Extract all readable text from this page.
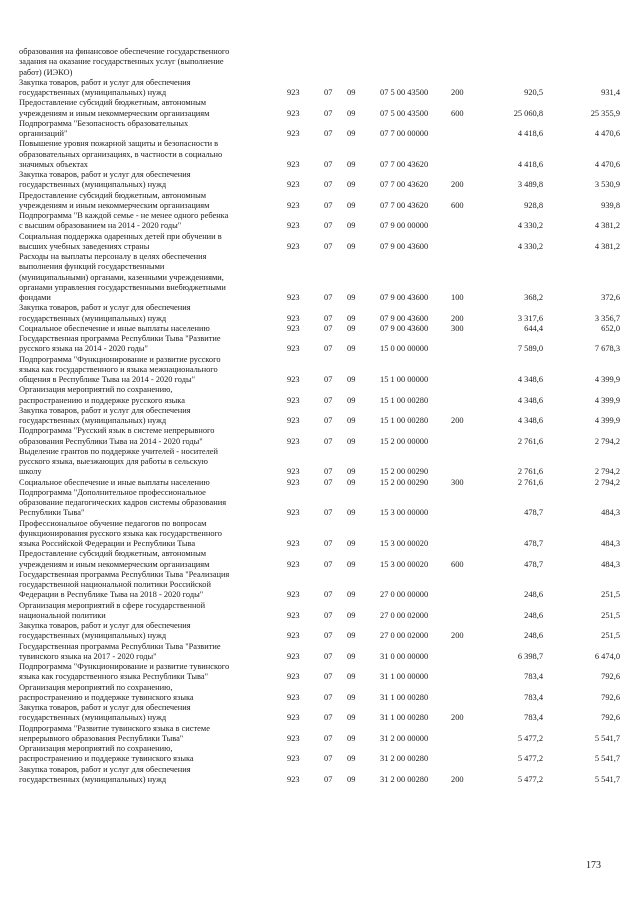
образования на финансовое обеспечение государственного
задания на оказание государственных услуг (выполнение
работ) (ИЭКО)
Закупка товаров, работ и услуг для обеспечения
государственных (муниципальных) нужд	923	07 09	07 5 00 43500	200	920,5	931,4
Предоставление субсидий бюджетным, автономным
учреждениям и иным некоммерческим организациям	923	07 09	07 5 00 43500	600	25 060,8	25 355,9
Подпрограмма "Безопасность образовательных
организаций"	923	07 09	07 7 00 00000	4 418,6	4 470,6
Повышение уровня пожарной защиты и безопасности в
образовательных организациях, в частности в социально
значимых объектах	923	07 09	07 7 00 43620	4 418,6	4 470,6
Закупка товаров, работ и услуг для обеспечения
государственных (муниципальных) нужд	923	07 09	07 7 00 43620	200	3 489,8	3 530,9
Предоставление субсидий бюджетным, автономным
учреждениям и иным некоммерческим организациям	923	07 09	07 7 00 43620	600	928,8	939,8
Подпрограмма "В каждой семье - не менее одного ребенка
с высшим образованием на 2014 - 2020 годы"	923	07 09	07 9 00 00000	4 330,2	4 381,2
Социальная поддержка одаренных детей при обучении в
высших учебных заведениях страны	923	07 09	07 9 00 43600	4 330,2	4 381,2
Расходы на выплаты персоналу в целях обеспечения
выполнения функций государственными
(муниципальными) органами, казенными учреждениями,
органами управления государственными внебюджетными
фондами	923	07 09	07 9 00 43600	100	368,2	372,6
Закупка товаров, работ и услуг для обеспечения
государственных (муниципальных) нужд	923	07 09	07 9 00 43600	200	3 317,6	3 356,7
Социальное обеспечение и иные выплаты населению	923	07 09	07 9 00 43600	300	644,4	652,0
Государственная программа Республики Тыва "Развитие
русского языка на 2014 - 2020 годы"	923	07 09	15 0 00 00000	7 589,0	7 678,3
Подпрограмма "Функционирование и развитие русского
языка как государственного и языка межнационального
общения в Республике Тыва на 2014 - 2020 годы"	923	07 09	15 1 00 00000	4 348,6	4 399,9
Организация мероприятий по сохранению,
распространению и поддержке русского языка	923	07 09	15 1 00 00280	4 348,6	4 399,9
Закупка товаров, работ и услуг для обеспечения
государственных (муниципальных) нужд	923	07 09	15 1 00 00280	200	4 348,6	4 399,9
Подпрограмма "Русский язык в системе непрерывного
образования Республики Тыва на 2014 - 2020 годы"	923	07 09	15 2 00 00000	2 761,6	2 794,2
Выделение грантов по поддержке учителей - носителей
русского языка, выезжающих для работы в сельскую
школу	923	07 09	15 2 00 00290	2 761,6	2 794,2
Социальное обеспечение и иные выплаты населению	923	07 09	15 2 00 00290	300	2 761,6	2 794,2
Подпрограмма "Дополнительное профессиональное
образование педагогических кадров системы образования
Республики Тыва"	923	07 09	15 3 00 00000	478,7	484,3
Профессиональное обучение педагогов по вопросам
функционирования русского языка как государственного
языка Российской Федерации и Республики Тыва	923	07 09	15 3 00 00020	478,7	484,3
Предоставление субсидий бюджетным, автономным
учреждениям и иным некоммерческим организациям	923	07 09	15 3 00 00020	600	478,7	484,3
Государственная программа Республики Тыва "Реализация
государственной национальной политики Российской
Федерации в Республике Тыва на 2018 - 2020 годы"	923	07 09	27 0 00 00000	248,6	251,5
Организация мероприятий в сфере государственной
национальной политики	923	07 09	27 0 00 02000	248,6	251,5
Закупка товаров, работ и услуг для обеспечения
государственных (муниципальных) нужд	923	07 09	27 0 00 02000	200	248,6	251,5
Государственная программа Республики Тыва "Развитие
тувинского языка на 2017 - 2020 годы"	923	07 09	31 0 00 00000	6 398,7	6 474,0
Подпрограмма "Функционирование и развитие тувинского
языка как государственного языка Республики Тыва"	923	07 09	31 1 00 00000	783,4	792,6
Организация мероприятий по сохранению,
распространению и поддержке тувинского языка	923	07 09	31 1 00 00280	783,4	792,6
Закупка товаров, работ и услуг для обеспечения
государственных (муниципальных) нужд	923	07 09	31 1 00 00280	200	783,4	792,6
Подпрограмма "Развитие тувинского языка в системе
непрерывного образования Республики Тыва"	923	07 09	31 2 00 00000	5 477,2	5 541,7
Организация мероприятий по сохранению,
распространению и поддержке тувинского языка	923	07 09	31 2 00 00280	5 477,2	5 541,7
Закупка товаров, работ и услуг для обеспечения
государственных (муниципальных) нужд	923	07 09	31 2 00 00280	200	5 477,2	5 541,7
173
